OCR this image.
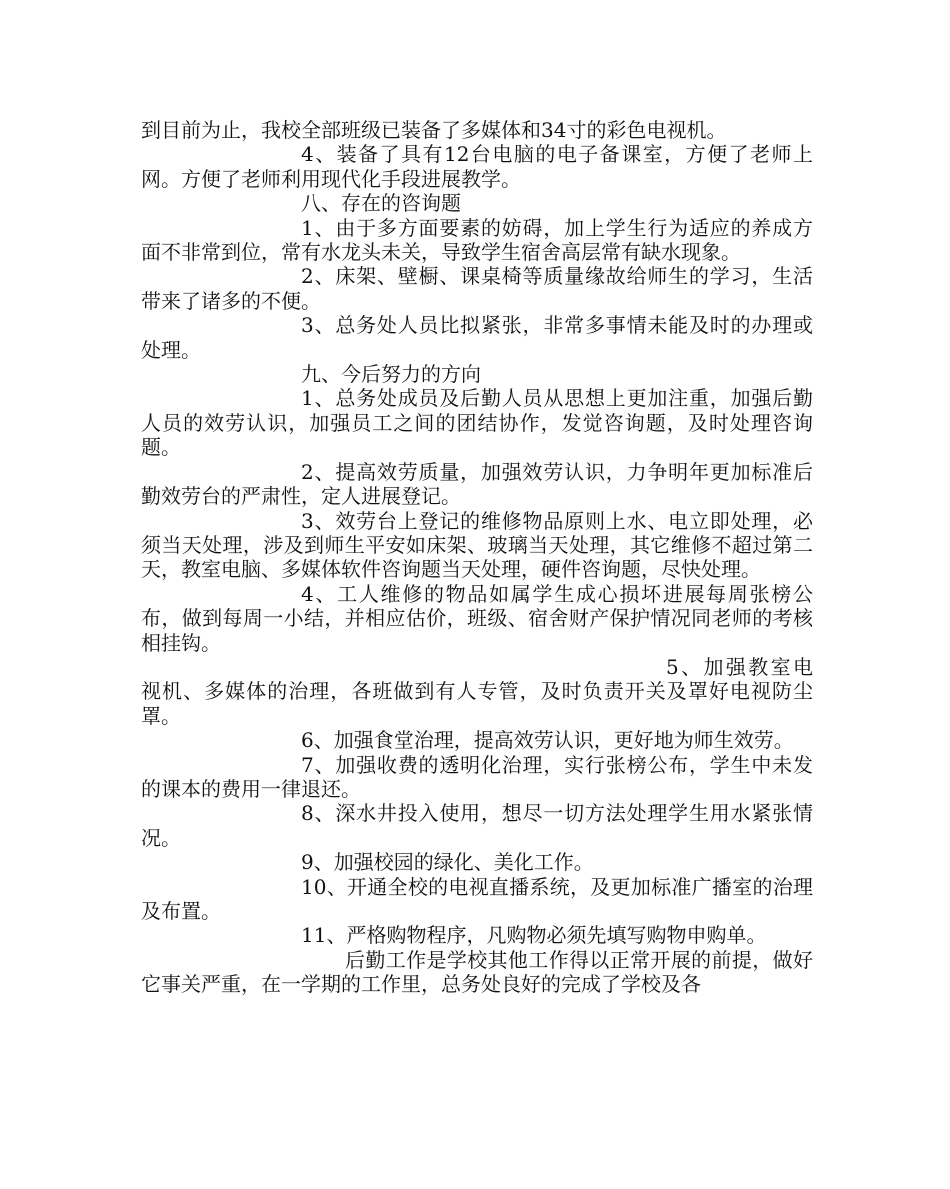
到目前为止，我校全部班级已装备了多媒体和34寸的彩色电视机。

4、装备了具有12台电脑的电子备课室，方便了老师上网。方便了老师利用现代化手段进展教学。

八、存在的咨询题

1、由于多方面要素的妨碍，加上学生行为适应的养成方面不非常到位，常有水龙头未关，导致学生宿舍高层常有缺水现象。

2、床架、壁橱、课桌椅等质量缘故给师生的学习，生活带来了诸多的不便。

3、总务处人员比拟紧张，非常多事情未能及时的办理或处理。

九、今后努力的方向

1、总务处成员及后勤人员从思想上更加注重，加强后勤人员的效劳认识，加强员工之间的团结协作，发觉咨询题，及时处理咨询题。

2、提高效劳质量，加强效劳认识，力争明年更加标准后勤效劳台的严肃性，定人进展登记。

3、效劳台上登记的维修物品原则上水、电立即处理，必须当天处理，涉及到师生平安如床架、玻璃当天处理，其它维修不超过第二天，教室电脑、多媒体软件咨询题当天处理，硬件咨询题，尽快处理。

4、工人维修的物品如属学生成心损坏进展每周张榜公布，做到每周一小结，并相应估价，班级、宿舍财产保护情况同老师的考核相挂钩。

5、加强教室电视机、多媒体的治理，各班做到有人专管，及时负责开关及罩好电视防尘罩。

6、加强食堂治理，提高效劳认识，更好地为师生效劳。

7、加强收费的透明化治理，实行张榜公布，学生中未发的课本的费用一律退还。

8、深水井投入使用，想尽一切方法处理学生用水紧张情况。

9、加强校园的绿化、美化工作。

10、开通全校的电视直播系统，及更加标准广播室的治理及布置。

11、严格购物程序，凡购物必须先填写购物申购单。

后勤工作是学校其他工作得以正常开展的前提，做好它事关严重，在一学期的工作里，总务处良好的完成了学校及各
